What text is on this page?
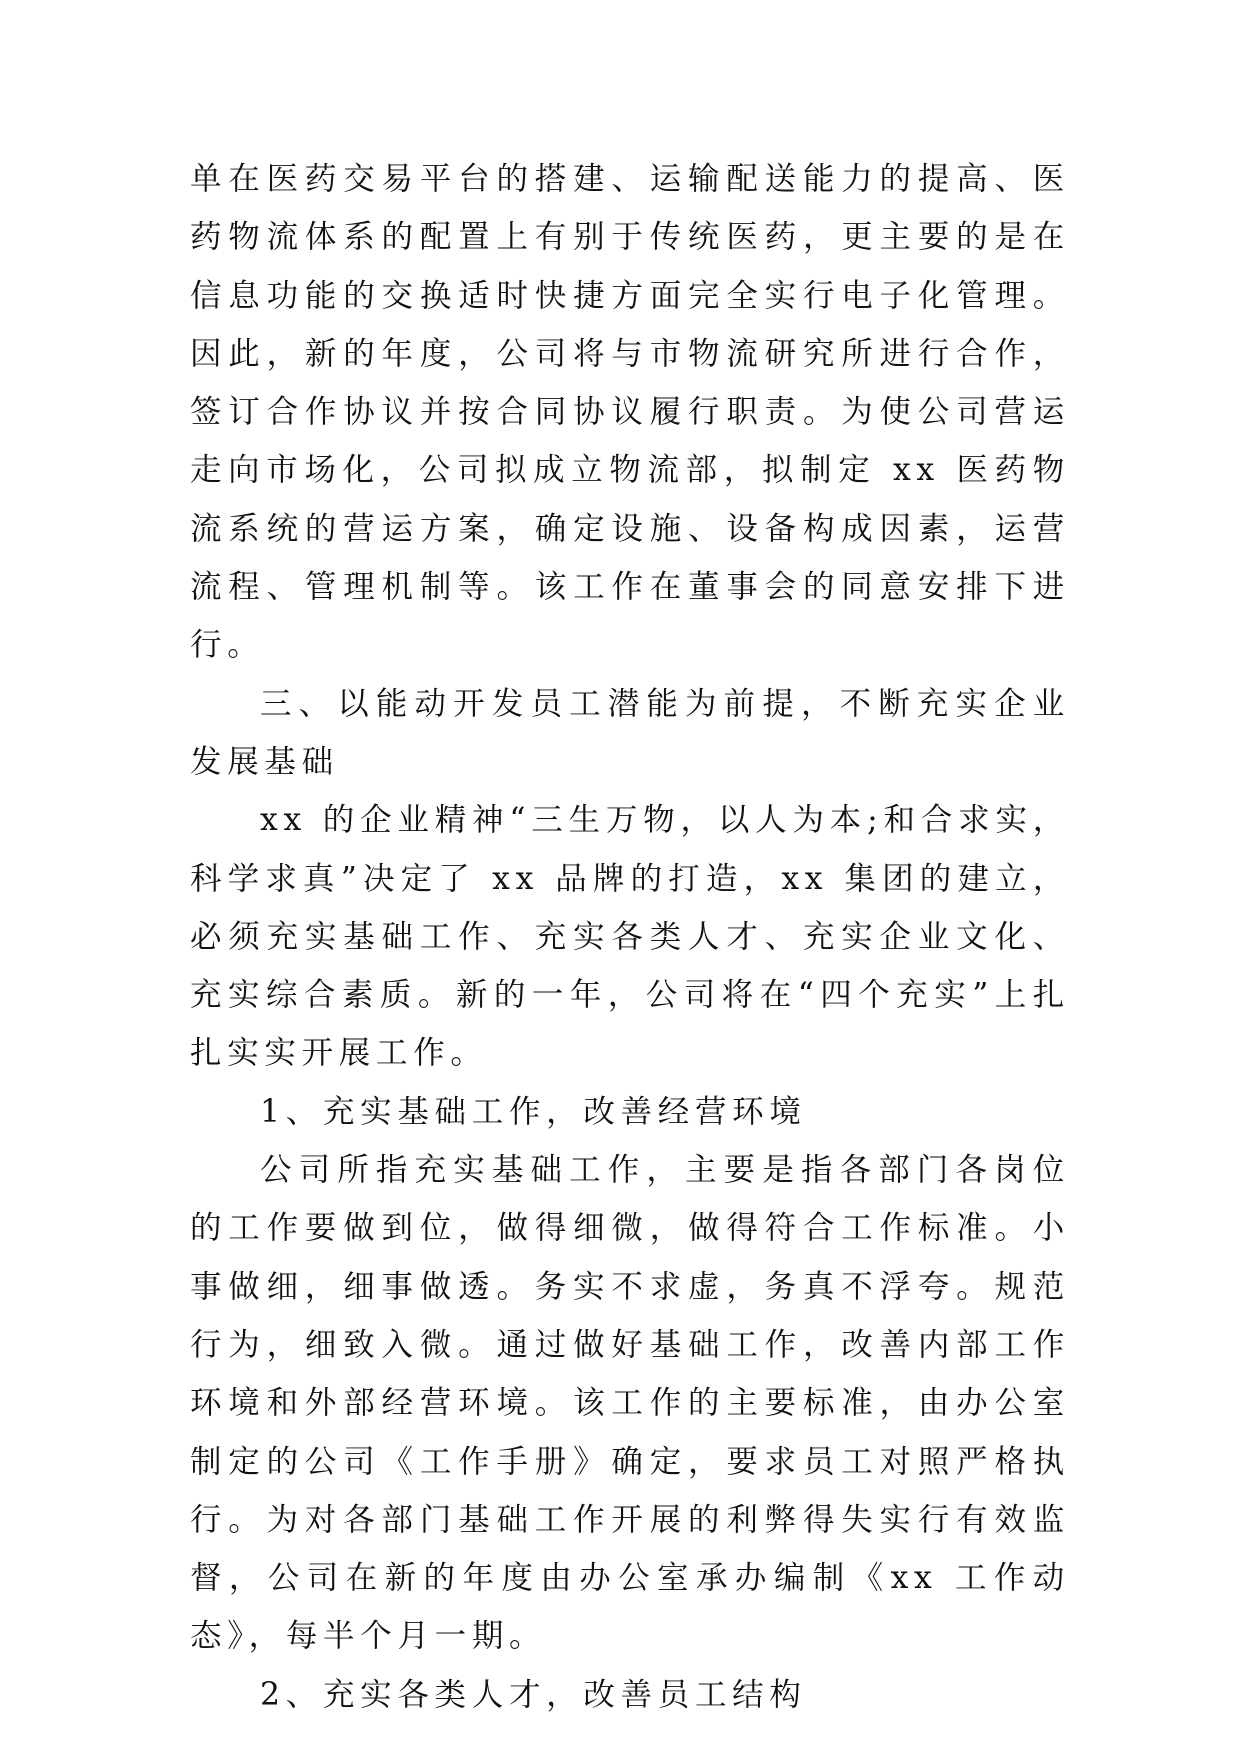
单在医药交易平台的搭建、运输配送能力的提高、医药物流体系的配置上有别于传统医药，更主要的是在信息功能的交换适时快捷方面完全实行电子化管理。因此，新的年度，公司将与市物流研究所进行合作，签订合作协议并按合同协议履行职责。为使公司营运走向市场化，公司拟成立物流部，拟制定 xx 医药物流系统的营运方案，确定设施、设备构成因素，运营流程、管理机制等。该工作在董事会的同意安排下进行。

三、以能动开发员工潜能为前提，不断充实企业发展基础

xx 的企业精神“三生万物，以人为本;和合求实，科学求真”决定了 xx 品牌的打造，xx 集团的建立，必须充实基础工作、充实各类人才、充实企业文化、充实综合素质。新的一年，公司将在“四个充实”上扎扎实实开展工作。

1、充实基础工作，改善经营环境

公司所指充实基础工作，主要是指各部门各岗位的工作要做到位，做得细微，做得符合工作标准。小事做细，细事做透。务实不求虚，务真不浮夸。规范行为，细致入微。通过做好基础工作，改善内部工作环境和外部经营环境。该工作的主要标准，由办公室制定的公司《工作手册》确定，要求员工对照严格执行。为对各部门基础工作开展的利弊得失实行有效监督，公司在新的年度由办公室承办编制《xx 工作动态》，每半个月一期。

2、充实各类人才，改善员工结构
